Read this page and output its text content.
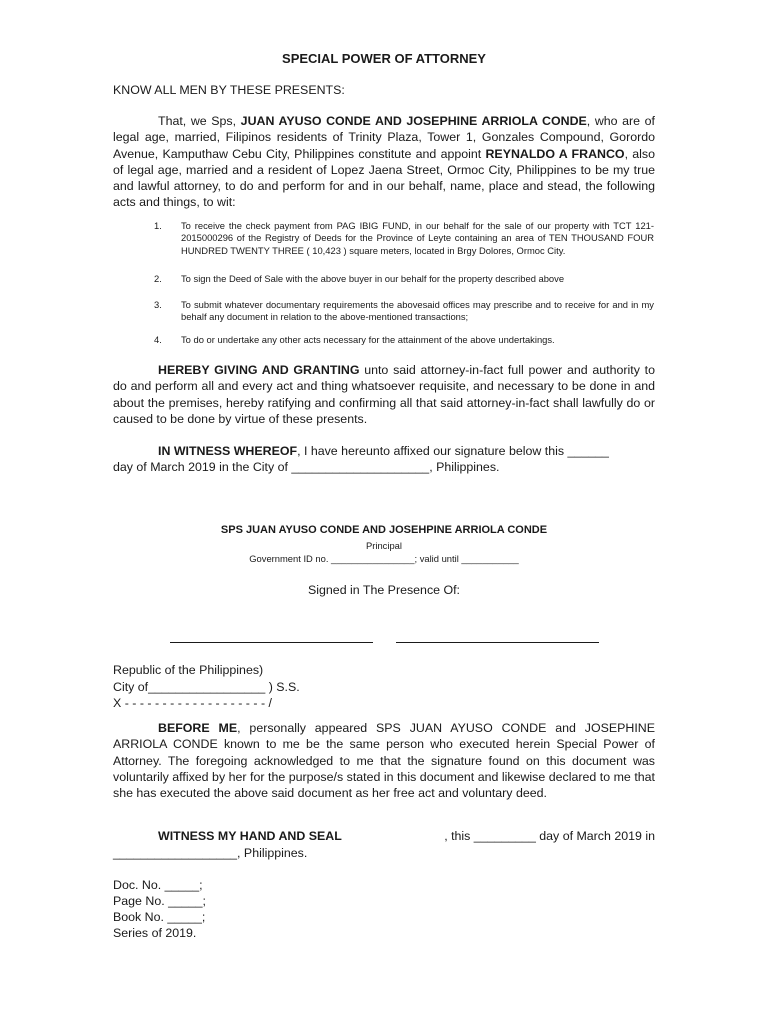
SPECIAL POWER OF ATTORNEY

KNOW ALL MEN BY THESE PRESENTS:

That, we Sps, JUAN AYUSO CONDE AND JOSEPHINE ARRIOLA CONDE, who are of legal age, married, Filipinos residents of Trinity Plaza, Tower 1, Gonzales Compound, Gorordo Avenue, Kamputhaw Cebu City, Philippines constitute and appoint REYNALDO A FRANCO, also of legal age, married and a resident of Lopez Jaena Street, Ormoc City, Philippines to be my true and lawful attorney, to do and perform for and in our behalf, name, place and stead, the following acts and things, to wit:

1. To receive the check payment from PAG IBIG FUND, in our behalf for the sale of our property with TCT 121- 2015000296 of the Registry of Deeds for the Province of Leyte containing an area of TEN THOUSAND FOUR HUNDRED TWENTY THREE ( 10,423 ) square meters, located in Brgy Dolores, Ormoc City.
2. To sign the Deed of Sale with the above buyer in our behalf for the property described above
3. To submit whatever documentary requirements the abovesaid offices may prescribe and to receive for and in my behalf any document in relation to the above-mentioned transactions;
4. To do or undertake any other acts necessary for the attainment of the above undertakings.

HEREBY GIVING AND GRANTING unto said attorney-in-fact full power and authority to do and perform all and every act and thing whatsoever requisite, and necessary to be done in and about the premises, hereby ratifying and confirming all that said attorney-in-fact shall lawfully do or caused to be done by virtue of these presents.

IN WITNESS WHEREOF, I have hereunto affixed our signature below this ______

day of March 2019 in the City of ____________________, Philippines.

SPS JUAN AYUSO CONDE AND JOSEHPINE ARRIOLA CONDE

Principal

Government ID no. ________________; valid until ___________

Signed in The Presence Of:

Republic of the Philippines)

City of_________________ ) S.S.

X - - - - - - - - - - - - - - - - - - - /

BEFORE ME, personally appeared SPS JUAN AYUSO CONDE and JOSEPHINE ARRIOLA CONDE known to me be the same person who executed herein Special Power of Attorney. The foregoing acknowledged to me that the signature found on this document was voluntarily affixed by her for the purpose/s stated in this document and likewise declared to me that she has executed the above said document as her free act and voluntary deed.

WITNESS MY HAND AND SEAL	, this _________ day of March 2019 in

__________________, Philippines.

Doc. No. _____;

Page No. _____;

Book No. _____;

Series of 2019.
